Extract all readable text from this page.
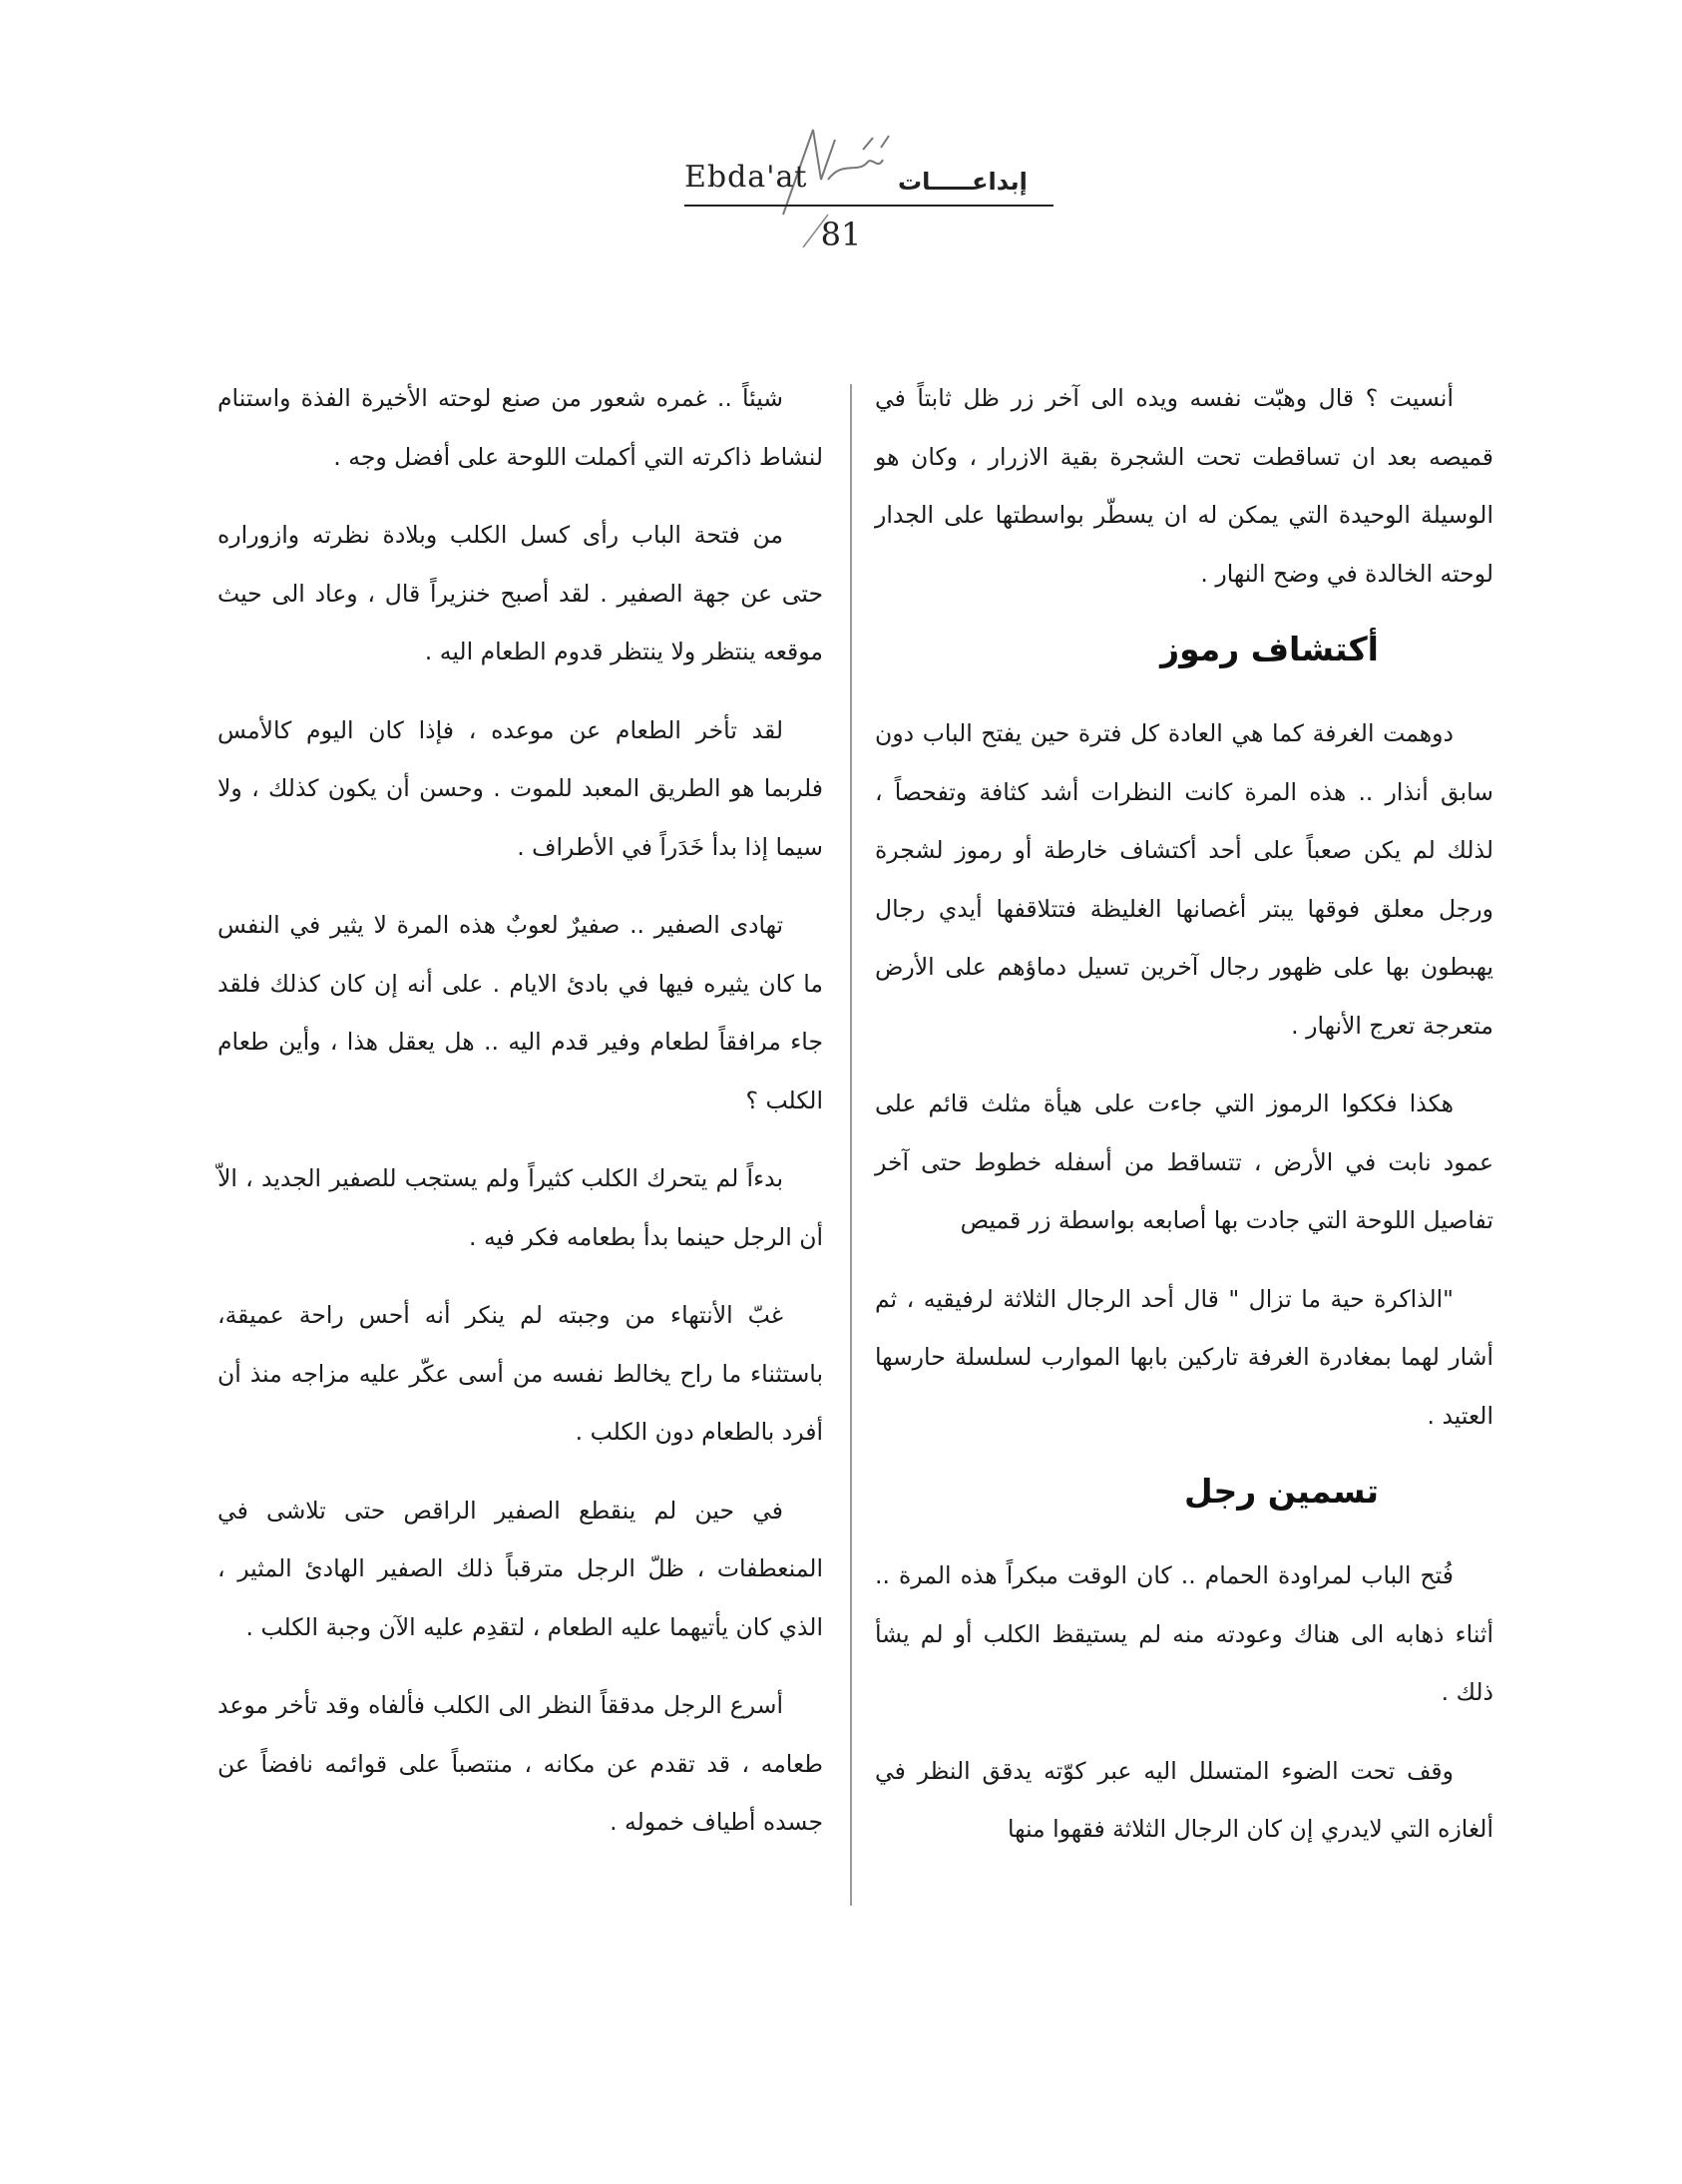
Ebda'at	إبداعـــــات
81

أنسيت ؟ قال وهبّت نفسه ويده الى آخر زر ظل ثابتاً في قميصه بعد ان تساقطت تحت الشجرة بقية الازرار ، وكان هو الوسيلة الوحيدة التي يمكن له ان يسطّر بواسطتها على الجدار لوحته الخالدة في وضح النهار .

أكتشاف رموز

دوهمت الغرفة كما هي العادة كل فترة حين يفتح الباب دون سابق أنذار .. هذه المرة كانت النظرات أشد كثافة وتفحصاً ، لذلك لم يكن صعباً على أحد أكتشاف خارطة أو رموز لشجرة ورجل معلق فوقها يبتر أغصانها الغليظة فتتلاقفها أيدي رجال يهبطون بها على ظهور رجال آخرين تسيل دماؤهم على الأرض متعرجة تعرج الأنهار .

هكذا فككوا الرموز التي جاءت على هيأة مثلث قائم على عمود نابت في الأرض ، تتساقط من أسفله خطوط حتى آخر تفاصيل اللوحة التي جادت بها أصابعه بواسطة زر قميص

"الذاكرة حية ما تزال " قال أحد الرجال الثلاثة لرفيقيه ، ثم أشار لهما بمغادرة الغرفة تاركين بابها الموارب لسلسلة حارسها العتيد .

تسمين رجل

فُتح الباب لمراودة الحمام .. كان الوقت مبكراً هذه المرة .. أثناء ذهابه الى هناك وعودته منه لم يستيقظ الكلب أو لم يشأ ذلك .

وقف تحت الضوء المتسلل اليه عبر كوّته يدقق النظر في ألغازه التي لايدري إن كان الرجال الثلاثة فقهوا منها

شيئاً .. غمره شعور من صنع لوحته الأخيرة الفذة واستنام لنشاط ذاكرته التي أكملت اللوحة على أفضل وجه .

من فتحة الباب رأى كسل الكلب وبلادة نظرته وازوراره حتى عن جهة الصفير . لقد أصبح خنزيراً قال ، وعاد الى حيث موقعه ينتظر ولا ينتظر قدوم الطعام اليه .

لقد تأخر الطعام عن موعده ، فإذا كان اليوم كالأمس فلربما هو الطريق المعبد للموت . وحسن أن يكون كذلك ، ولا سيما إذا بدأ خَدَراً في الأطراف .

تهادى الصفير .. صفيرٌ لعوبٌ هذه المرة لا يثير في النفس ما كان يثيره فيها في بادئ الايام . على أنه إن كان كذلك فلقد جاء مرافقاً لطعام وفير قدم اليه .. هل يعقل هذا ، وأين طعام الكلب ؟

بدءاً لم يتحرك الكلب كثيراً ولم يستجب للصفير الجديد ، الاّ أن الرجل حينما بدأ بطعامه فكر فيه .

غبّ الأنتهاء من وجبته لم ينكر أنه أحس راحة عميقة، باستثناء ما راح يخالط نفسه من أسى عكّر عليه مزاجه منذ أن أفرد بالطعام دون الكلب .

في حين لم ينقطع الصفير الراقص حتى تلاشى في المنعطفات ، ظلّ الرجل مترقباً ذلك الصفير الهادئ المثير ، الذي كان يأتيهما عليه الطعام ، لتقدِم عليه الآن وجبة الكلب .

أسرع الرجل مدققاً النظر الى الكلب فألفاه وقد تأخر موعد طعامه ، قد تقدم عن مكانه ، منتصباً على قوائمه نافضاً عن جسده أطياف خموله .
